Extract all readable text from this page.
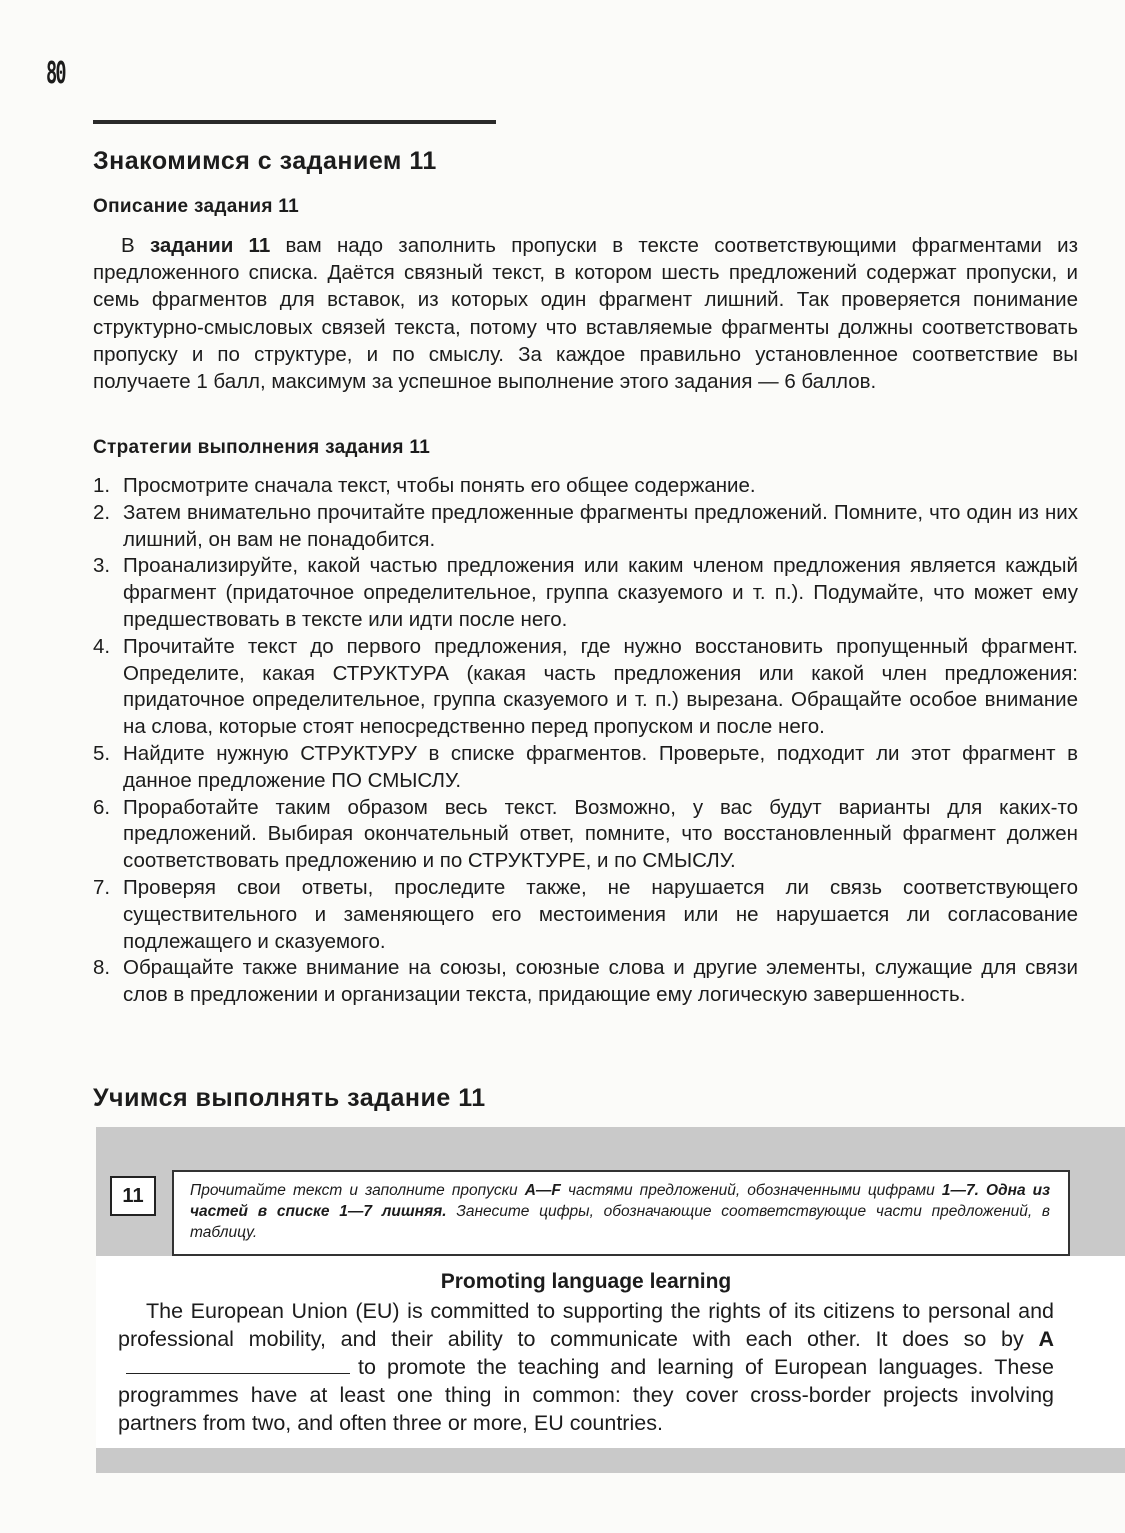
80
Знакомимся с заданием 11
Описание задания 11
В задании 11 вам надо заполнить пропуски в тексте соответствующими фрагментами из предложенного списка. Даётся связный текст, в котором шесть предложений содержат пропуски, и семь фрагментов для вставок, из которых один фрагмент лишний. Так проверяется понимание структурно-смысловых связей текста, потому что вставляемые фрагменты должны соответствовать пропуску и по структуре, и по смыслу. За каждое правильно установленное соответствие вы получаете 1 балл, максимум за успешное выполнение этого задания — 6 баллов.
Стратегии выполнения задания 11
1. Просмотрите сначала текст, чтобы понять его общее содержание.
2. Затем внимательно прочитайте предложенные фрагменты предложений. Помните, что один из них лишний, он вам не понадобится.
3. Проанализируйте, какой частью предложения или каким членом предложения является каждый фрагмент (придаточное определительное, группа сказуемого и т. п.). Подумайте, что может ему предшествовать в тексте или идти после него.
4. Прочитайте текст до первого предложения, где нужно восстановить пропущенный фрагмент. Определите, какая СТРУКТУРА (какая часть предложения или какой член предложения: придаточное определительное, группа сказуемого и т. п.) вырезана. Обращайте особое внимание на слова, которые стоят непосредственно перед пропуском и после него.
5. Найдите нужную СТРУКТУРУ в списке фрагментов. Проверьте, подходит ли этот фрагмент в данное предложение ПО СМЫСЛУ.
6. Проработайте таким образом весь текст. Возможно, у вас будут варианты для каких-то предложений. Выбирая окончательный ответ, помните, что восстановленный фрагмент должен соответствовать предложению и по СТРУКТУРЕ, и по СМЫСЛУ.
7. Проверяя свои ответы, проследите также, не нарушается ли связь соответствующего существительного и заменяющего его местоимения или не нарушается ли согласование подлежащего и сказуемого.
8. Обращайте также внимание на союзы, союзные слова и другие элементы, служащие для связи слов в предложении и организации текста, придающие ему логическую завершенность.
Учимся выполнять задание 11
11	Прочитайте текст и заполните пропуски A—F частями предложений, обозначенными цифрами 1—7. Одна из частей в списке 1—7 лишняя. Занесите цифры, обозначающие соответствующие части предложений, в таблицу.
Promoting language learning
The European Union (EU) is committed to supporting the rights of its citizens to personal and professional mobility, and their ability to communicate with each other. It does so by Ato promote the teaching and learning of European languages. These programmes have at least one thing in common: they cover cross-border projects involving partners from two, and often three or more, EU countries.
